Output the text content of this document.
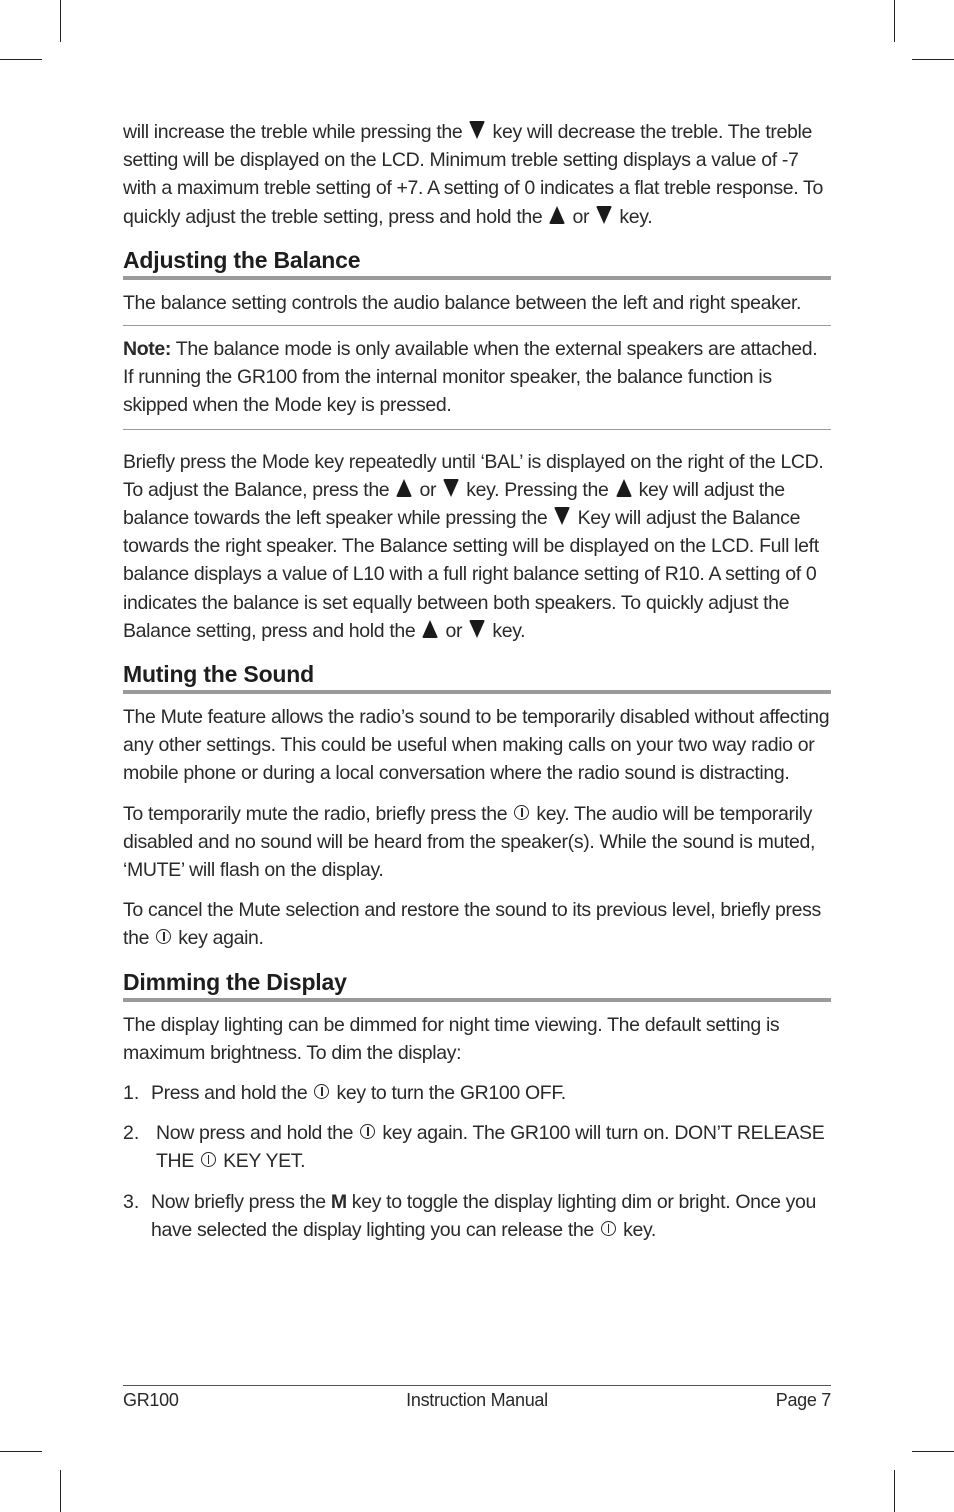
will increase the treble while pressing the key will decrease the treble. The treble setting will be displayed on the LCD. Minimum treble setting displays a value of -7 with a maximum treble setting of +7. A setting of 0 indicates a flat treble response. To quickly adjust the treble setting, press and hold the or key.

Adjusting the Balance

The balance setting controls the audio balance between the left and right speaker.

Note: The balance mode is only available when the external speakers are attached. If running the GR100 from the internal monitor speaker, the balance function is skipped when the Mode key is pressed.

Briefly press the Mode key repeatedly until ‘BAL’ is displayed on the right of the LCD. To adjust the Balance, press the or key. Pressing the key will adjust the balance towards the left speaker while pressing the Key will adjust the Balance towards the right speaker. The Balance setting will be displayed on the LCD. Full left balance displays a value of L10 with a full right balance setting of R10. A setting of 0 indicates the balance is set equally between both speakers. To quickly adjust the Balance setting, press and hold the or key.

Muting the Sound

The Mute feature allows the radio’s sound to be temporarily disabled without affecting any other settings. This could be useful when making calls on your two way radio or mobile phone or during a local conversation where the radio sound is distracting.

To temporarily mute the radio, briefly press the key. The audio will be temporarily disabled and no sound will be heard from the speaker(s). While the sound is muted, ‘MUTE’ will flash on the display.

To cancel the Mute selection and restore the sound to its previous level, briefly press the key again.

Dimming the Display

The display lighting can be dimmed for night time viewing. The default setting is maximum brightness. To dim the display:

1. Press and hold the key to turn the GR100 OFF.

2. Now press and hold the key again. The GR100 will turn on. DON’T RELEASE THE KEY YET.

3. Now briefly press the M key to toggle the display lighting dim or bright. Once you have selected the display lighting you can release the key.

GR100	Instruction Manual	Page 7
